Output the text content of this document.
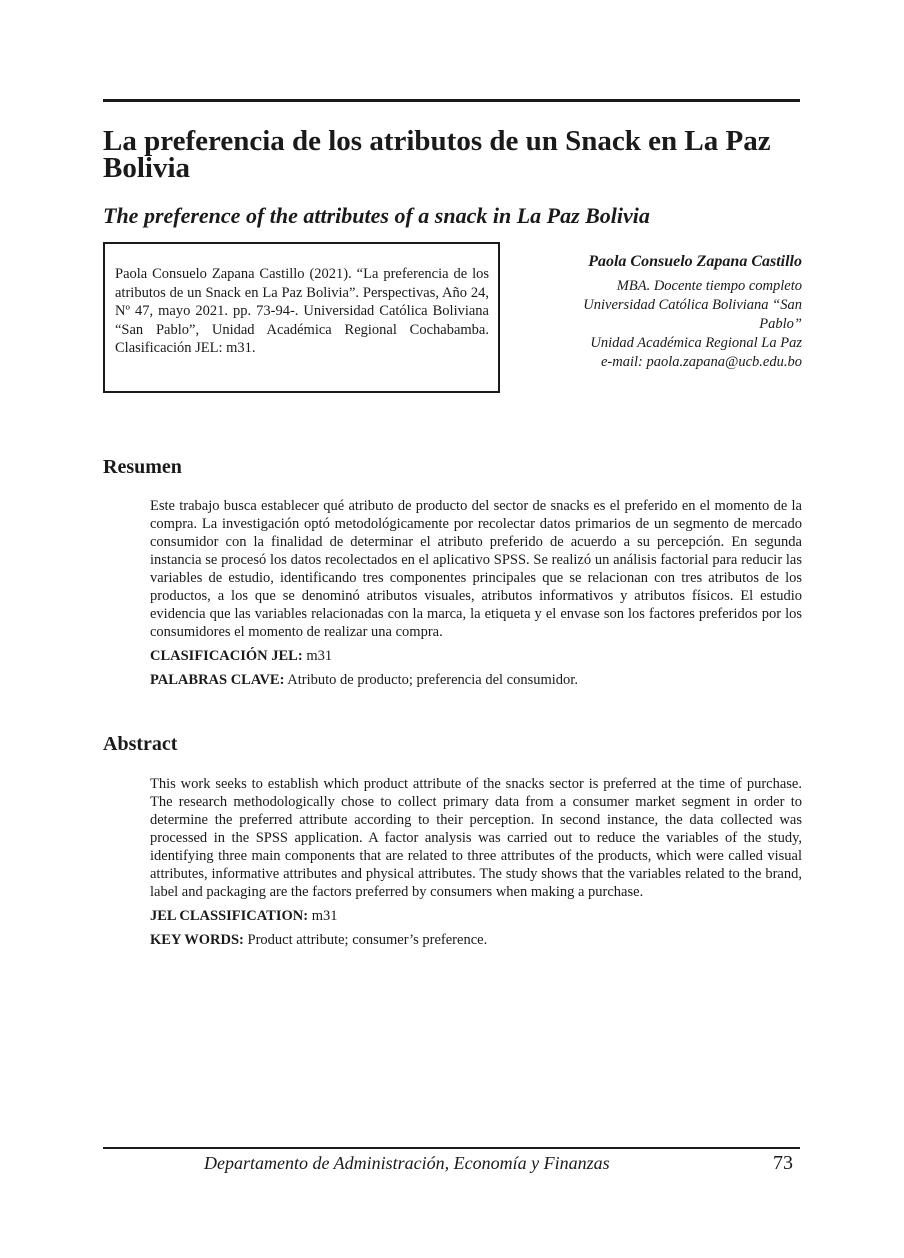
La preferencia de los atributos de un Snack en La Paz Bolivia
The preference of the attributes of a snack in La Paz Bolivia
Paola Consuelo Zapana Castillo (2021). “La preferencia de los atributos de un Snack en La Paz Bolivia”. Perspectivas, Año 24, Nº 47, mayo 2021. pp. 73-94-. Universidad Católica Boliviana “San Pablo”, Unidad Académica Regional Cochabamba. Clasificación JEL: m31.
Paola Consuelo Zapana Castillo
MBA. Docente tiempo completo
Universidad Católica Boliviana “San Pablo”
Unidad Académica Regional La Paz
e-mail: paola.zapana@ucb.edu.bo
Resumen

Este trabajo busca establecer qué atributo de producto del sector de snacks es el preferido en el momento de la compra. La investigación optó metodológicamente por recolectar datos primarios de un segmento de mercado consumidor con la finalidad de determinar el atributo preferido de acuerdo a su percepción. En segunda instancia se procesó los datos recolectados en el aplicativo SPSS. Se realizó un análisis factorial para reducir las variables de estudio, identificando tres componentes principales que se relacionan con tres atributos de los productos, a los que se denominó atributos visuales, atributos informativos y atributos físicos. El estudio evidencia que las variables relacionadas con la marca, la etiqueta y el envase son los factores preferidos por los consumidores el momento de realizar una compra.

CLASIFICACIÓN JEL: m31

PALABRAS CLAVE: Atributo de producto; preferencia del consumidor.

Abstract

This work seeks to establish which product attribute of the snacks sector is preferred at the time of purchase. The research methodologically chose to collect primary data from a consumer market segment in order to determine the preferred attribute according to their perception. In second instance, the data collected was processed in the SPSS application. A factor analysis was carried out to reduce the variables of the study, identifying three main components that are related to three attributes of the products, which were called visual attributes, informative attributes and physical attributes. The study shows that the variables related to the brand, label and packaging are the factors preferred by consumers when making a purchase.

JEL CLASSIFICATION: m31

KEY WORDS: Product attribute; consumer’s preference.

Departamento de Administración, Economía y Finanzas	73
